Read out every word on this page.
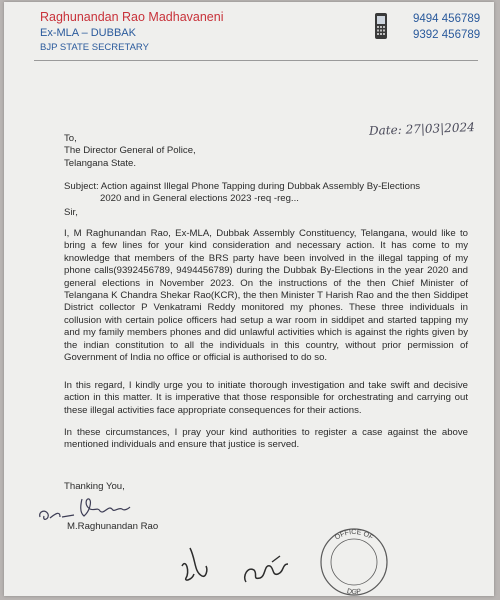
Raghunandan Rao Madhavaneni
Ex-MLA – DUBBAK
BJP STATE SECRETARY
9494 456789
9392 456789
Date: 27|03|2024
To,
The Director General of Police,
Telangana State.
Subject: Action against Illegal Phone Tapping during Dubbak Assembly By-Elections
2020 and in General elections 2023 -req -reg...
Sir,
I, M Raghunandan Rao, Ex-MLA, Dubbak Assembly Constituency, Telangana, would like to bring a few lines for your kind consideration and necessary action. It has come to my knowledge that members of the BRS party have been involved in the illegal tapping of my phone calls(9392456789, 9494456789) during the Dubbak By-Elections in the year 2020 and general elections in November 2023. On the instructions of the then Chief Minister of Telangana K Chandra Shekar Rao(KCR), the then Minister T Harish Rao and the then Siddipet District collector P Venkatrami Reddy monitored my phones. These three individuals in collusion with certain police officers had setup a war room in siddipet and started tapping my and my family members phones and did unlawful activities which is against the rights given by the indian constitution to all the individuals in this country, without prior permission of Government of India no office or official is authorised to do so.
In this regard, I kindly urge you to initiate thorough investigation and take swift and decisive action in this matter. It is imperative that those responsible for orchestrating and carrying out these illegal activities face appropriate consequences for their actions.
In these circumstances, I pray your kind authorities to register a case against the above mentioned individuals and ensure that justice is served.
Thanking You,
M.Raghunandan Rao
OFFICE OF
DGP
